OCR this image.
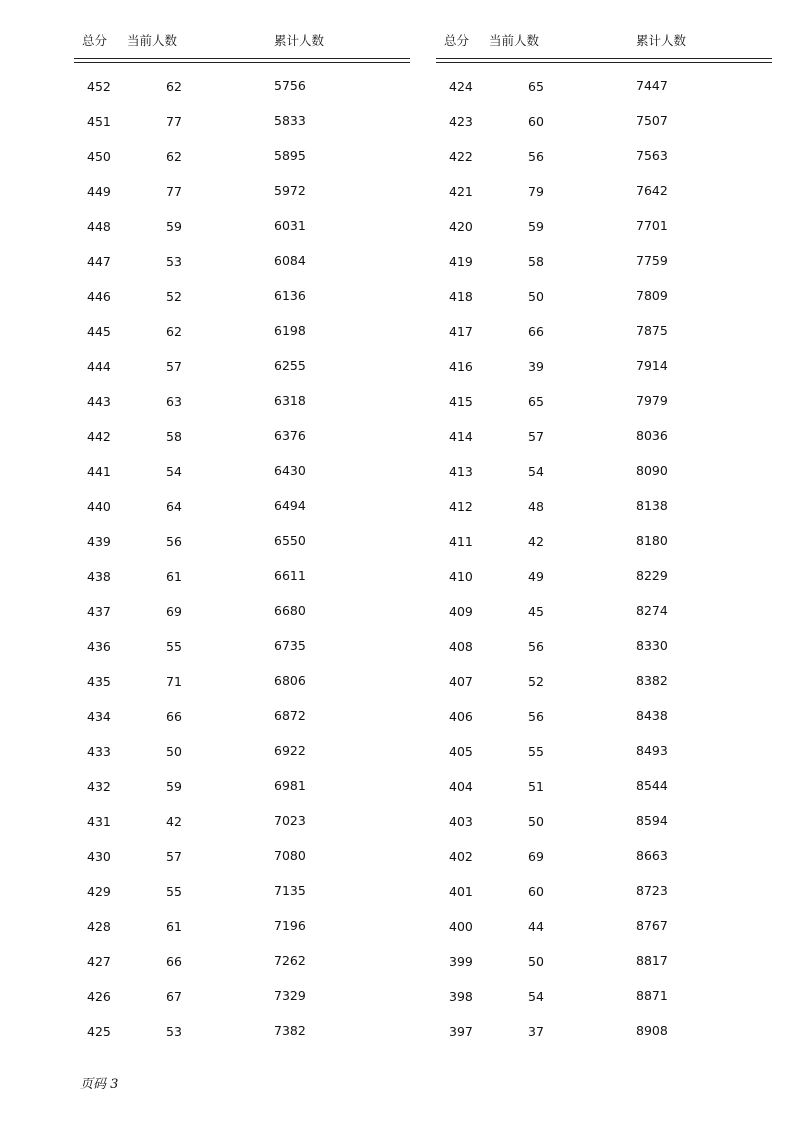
总分 当前人数	累计人数
452	62	5756
451	77	5833
450	62	5895
449	77	5972
448	59	6031
447	53	6084
446	52	6136
445	62	6198
444	57	6255
443	63	6318
442	58	6376
441	54	6430
440	64	6494
439	56	6550
438	61	6611
437	69	6680
436	55	6735
435	71	6806
434	66	6872
433	50	6922
432	59	6981
431	42	7023
430	57	7080
429	55	7135
428	61	7196
427	66	7262
426	67	7329
425	53	7382
总分 当前人数	累计人数
424	65	7447
423	60	7507
422	56	7563
421	79	7642
420	59	7701
419	58	7759
418	50	7809
417	66	7875
416	39	7914
415	65	7979
414	57	8036
413	54	8090
412	48	8138
411	42	8180
410	49	8229
409	45	8274
408	56	8330
407	52	8382
406	56	8438
405	55	8493
404	51	8544
403	50	8594
402	69	8663
401	60	8723
400	44	8767
399	50	8817
398	54	8871
397	37	8908
页码 3
